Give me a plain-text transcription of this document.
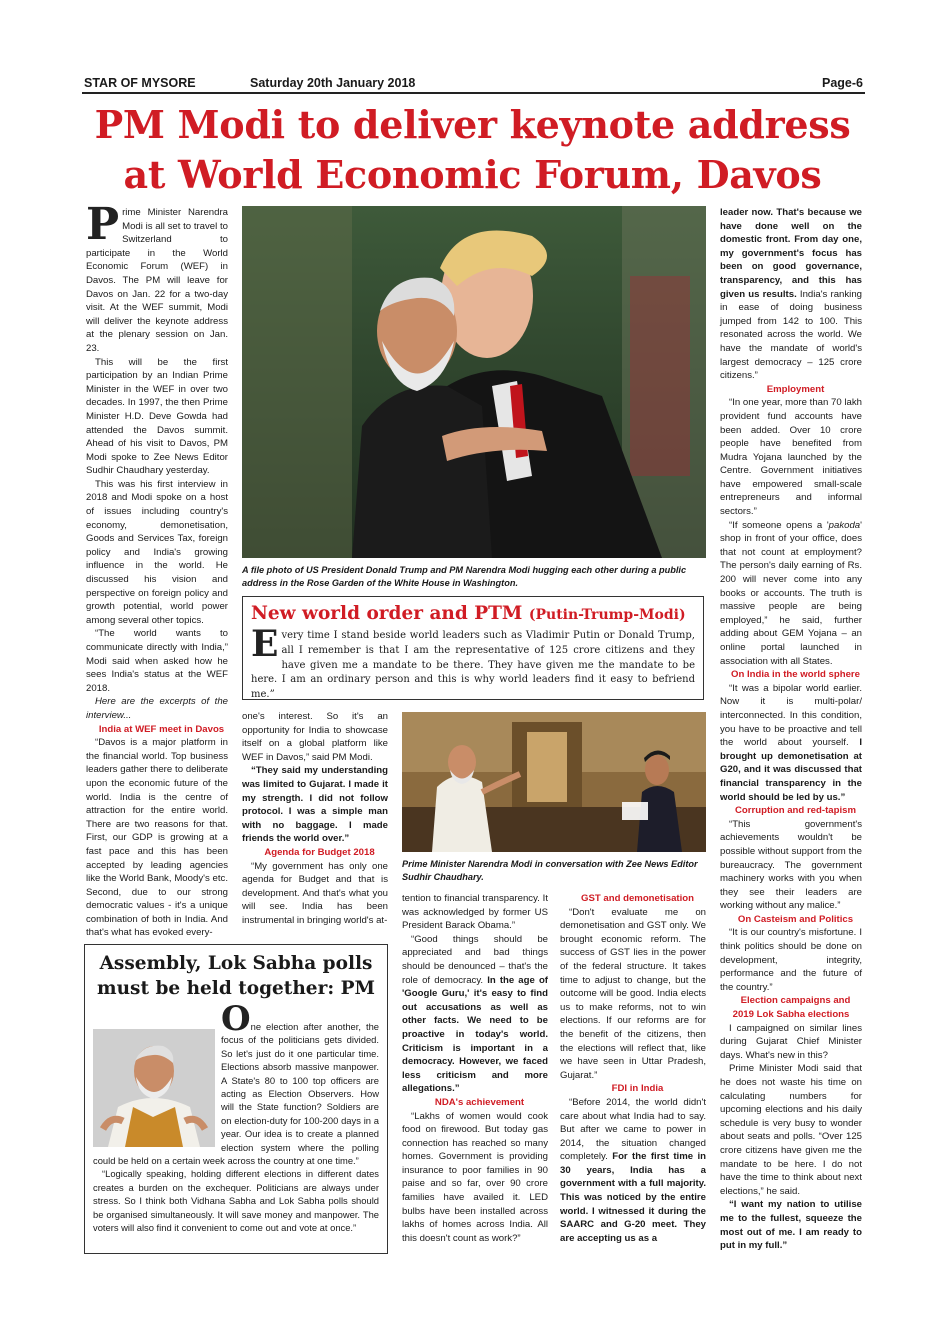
STAR OF MYSORE	Saturday 20th January 2018	Page-6
PM Modi to deliver keynote address
at World Economic Forum, Davos

Prime Minister Narendra Modi is all set to travel to Switzerland to participate in the World Economic Forum (WEF) in Davos. The PM will leave for Davos on Jan. 22 for a two-day visit. At the WEF summit, Modi will deliver the keynote address at the plenary session on Jan. 23.

This will be the first participation by an Indian Prime Minister in the WEF in over two decades. In 1997, the then Prime Minister H.D. Deve Gowda had attended the Davos summit. Ahead of his visit to Davos, PM Modi spoke to Zee News Editor Sudhir Chaudhary yesterday.

This was his first interview in 2018 and Modi spoke on a host of issues including country's economy, demonetisation, Goods and Services Tax, foreign policy and India's growing influence in the world. He discussed his vision and perspective on foreign policy and growth potential, world power among several other topics.

“The world wants to communicate directly with India,” Modi said when asked how he sees India's status at the WEF 2018.

Here are the excerpts of the interview...

India at WEF meet in Davos

“Davos is a major platform in the financial world. Top business leaders gather there to deliberate upon the economic future of the world. India is the centre of attraction for the entire world. There are two reasons for that. First, our GDP is growing at a fast pace and this has been accepted by leading agencies like the World Bank, Moody's etc. Second, due to our strong democratic values - it's a unique combination of both in India. And that's what has evoked every-

A file photo of US President Donald Trump and PM Narendra Modi hugging each other during a public address in the Rose Garden of the White House in Washington.
New world order and PTM (Putin-Trump-Modi)
Every time I stand beside world leaders such as Vladimir Putin or Donald Trump, all I remember is that I am the representative of 125 crore citizens and they have given me a mandate to be there. They have given me the mandate to be here. I am an ordinary person and this is why world leaders find it easy to befriend me.”

one's interest. So it's an opportunity for India to showcase itself on a global platform like WEF in Davos,” said PM Modi.

“They said my understanding was limited to Gujarat. I made it my strength. I did not follow protocol. I was a simple man with no baggage. I made friends the world over.”

Agenda for Budget 2018

“My government has only one agenda for Budget and that is development. And that's what you will see. India has been instrumental in bringing world's at-

Prime Minister Narendra Modi in conversation with Zee News Editor Sudhir Chaudhary.

tention to financial transparency. It was acknowledged by former US President Barack Obama.”

“Good things should be appreciated and bad things should be denounced – that's the role of democracy. In the age of 'Google Guru,' it's easy to find out accusations as well as other facts. We need to be proactive in today's world. Criticism is important in a democracy. However, we faced less criticism and more allegations.”

NDA's achievement

“Lakhs of women would cook food on firewood. But today gas connection has reached so many homes. Government is providing insurance to poor families in 90 paise and so far, over 90 crore families have availed it. LED bulbs have been installed across lakhs of homes across India. All this doesn't count as work?”

GST and demonetisation

“Don't evaluate me on demonetisation and GST only. We brought economic reform. The success of GST lies in the power of the federal structure. It takes time to adjust to change, but the outcome will be good. India elects us to make reforms, not to win elections. If our reforms are for the benefit of the citizens, then the elections will reflect that, like we have seen in Uttar Pradesh, Gujarat.”

FDI in India

“Before 2014, the world didn't care about what India had to say. But after we came to power in 2014, the situation changed completely. For the first time in 30 years, India has a government with a full majority. This was noticed by the entire world. I witnessed it during the SAARC and G-20 meet. They are accepting us as a

leader now. That's because we have done well on the domestic front. From day one, my government's focus has been on good governance, transparency, and this has given us results. India's ranking in ease of doing business jumped from 142 to 100. This resonated across the world. We have the mandate of world's largest democracy – 125 crore citizens.”

Employment

“In one year, more than 70 lakh provident fund accounts have been added. Over 10 crore people have benefited from Mudra Yojana launched by the Centre. Government initiatives have empowered small-scale entrepreneurs and informal sectors.”

“If someone opens a 'pakoda' shop in front of your office, does that not count at employment? The person's daily earning of Rs. 200 will never come into any books or accounts. The truth is massive people are being employed,” he said, further adding about GEM Yojana – an online portal launched in association with all States.

On India in the world sphere

“It was a bipolar world earlier. Now it is multi-polar/ interconnected. In this condition, you have to be proactive and tell the world about yourself. I brought up demonetisation at G20, and it was discussed that financial transparency in the world should be led by us.”

Corruption and red-tapism

“This government's achievements wouldn't be possible without support from the bureaucracy. The government machinery works with you when they see their leaders are working without any malice.”

On Casteism and Politics

“It is our country's misfortune. I think politics should be done on development, integrity, performance and the future of the country.”

Election campaigns and 2019 Lok Sabha elections

I campaigned on similar lines during Gujarat Chief Minister days. What's new in this?

Prime Minister Modi said that he does not waste his time on calculating numbers for upcoming elections and his daily schedule is very busy to wonder about seats and polls. “Over 125 crore citizens have given me the mandate to be here. I do not have the time to think about next elections,” he said.

“I want my nation to utilise me to the fullest, squeeze the most out of me. I am ready to put in my full.”

Assembly, Lok Sabha polls
must be held together: PM

One election after another, the focus of the politicians gets divided. So let's just do it one particular time. Elections absorb massive manpower. A State's 80 to 100 top officers are acting as Election Observers. How will the State function? Soldiers are on election-duty for 100-200 days in a year. Our idea is to create a planned election system where the polling could be held on a certain week across the country at one time.”

“Logically speaking, holding different elections in different dates creates a burden on the exchequer. Politicians are always under stress. So I think both Vidhana Sabha and Lok Sabha polls should be organised simultaneously. It will save money and manpower. The voters will also find it convenient to come out and vote at once.”
